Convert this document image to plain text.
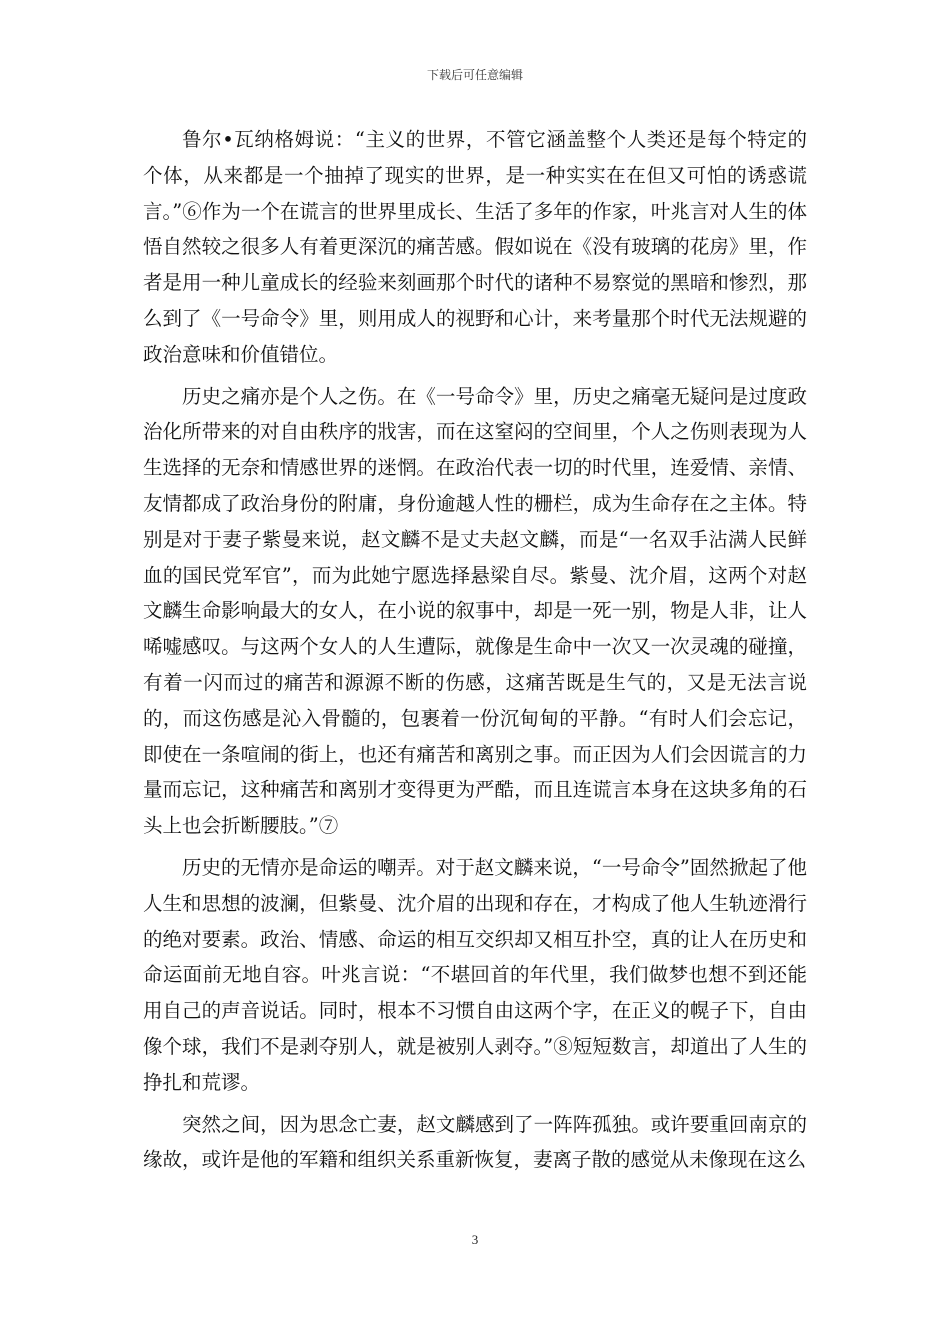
下载后可任意编辑

鲁尔•瓦纳格姆说：“主义的世界，不管它涵盖整个人类还是每个特定的个体，从来都是一个抽掉了现实的世界，是一种实实在在但又可怕的诱惑谎言。”⑥作为一个在谎言的世界里成长、生活了多年的作家，叶兆言对人生的体悟自然较之很多人有着更深沉的痛苦感。假如说在《没有玻璃的花房》里，作者是用一种儿童成长的经验来刻画那个时代的诸种不易察觉的黑暗和惨烈，那么到了《一号命令》里，则用成人的视野和心计，来考量那个时代无法规避的政治意味和价值错位。

历史之痛亦是个人之伤。在《一号命令》里，历史之痛毫无疑问是过度政治化所带来的对自由秩序的戕害，而在这窒闷的空间里，个人之伤则表现为人生选择的无奈和情感世界的迷惘。在政治代表一切的时代里，连爱情、亲情、友情都成了政治身份的附庸，身份逾越人性的栅栏，成为生命存在之主体。特别是对于妻子紫曼来说，赵文麟不是丈夫赵文麟，而是“一名双手沾满人民鲜血的国民党军官”，而为此她宁愿选择悬梁自尽。紫曼、沈介眉，这两个对赵文麟生命影响最大的女人，在小说的叙事中，却是一死一别，物是人非，让人唏嘘感叹。与这两个女人的人生遭际，就像是生命中一次又一次灵魂的碰撞，有着一闪而过的痛苦和源源不断的伤感，这痛苦既是生气的，又是无法言说的，而这伤感是沁入骨髓的，包裹着一份沉甸甸的平静。“有时人们会忘记，即使在一条喧闹的街上，也还有痛苦和离别之事。而正因为人们会因谎言的力量而忘记，这种痛苦和离别才变得更为严酷，而且连谎言本身在这块多角的石头上也会折断腰肢。”⑦

历史的无情亦是命运的嘲弄。对于赵文麟来说，“一号命令”固然掀起了他人生和思想的波澜，但紫曼、沈介眉的出现和存在，才构成了他人生轨迹滑行的绝对要素。政治、情感、命运的相互交织却又相互扑空，真的让人在历史和命运面前无地自容。叶兆言说：“不堪回首的年代里，我们做梦也想不到还能用自己的声音说话。同时，根本不习惯自由这两个字，在正义的幌子下，自由像个球，我们不是剥夺别人，就是被别人剥夺。”⑧短短数言，却道出了人生的挣扎和荒谬。

突然之间，因为思念亡妻，赵文麟感到了一阵阵孤独。或许要重回南京的缘故，或许是他的军籍和组织关系重新恢复，妻离子散的感觉从未像现在这么

3
